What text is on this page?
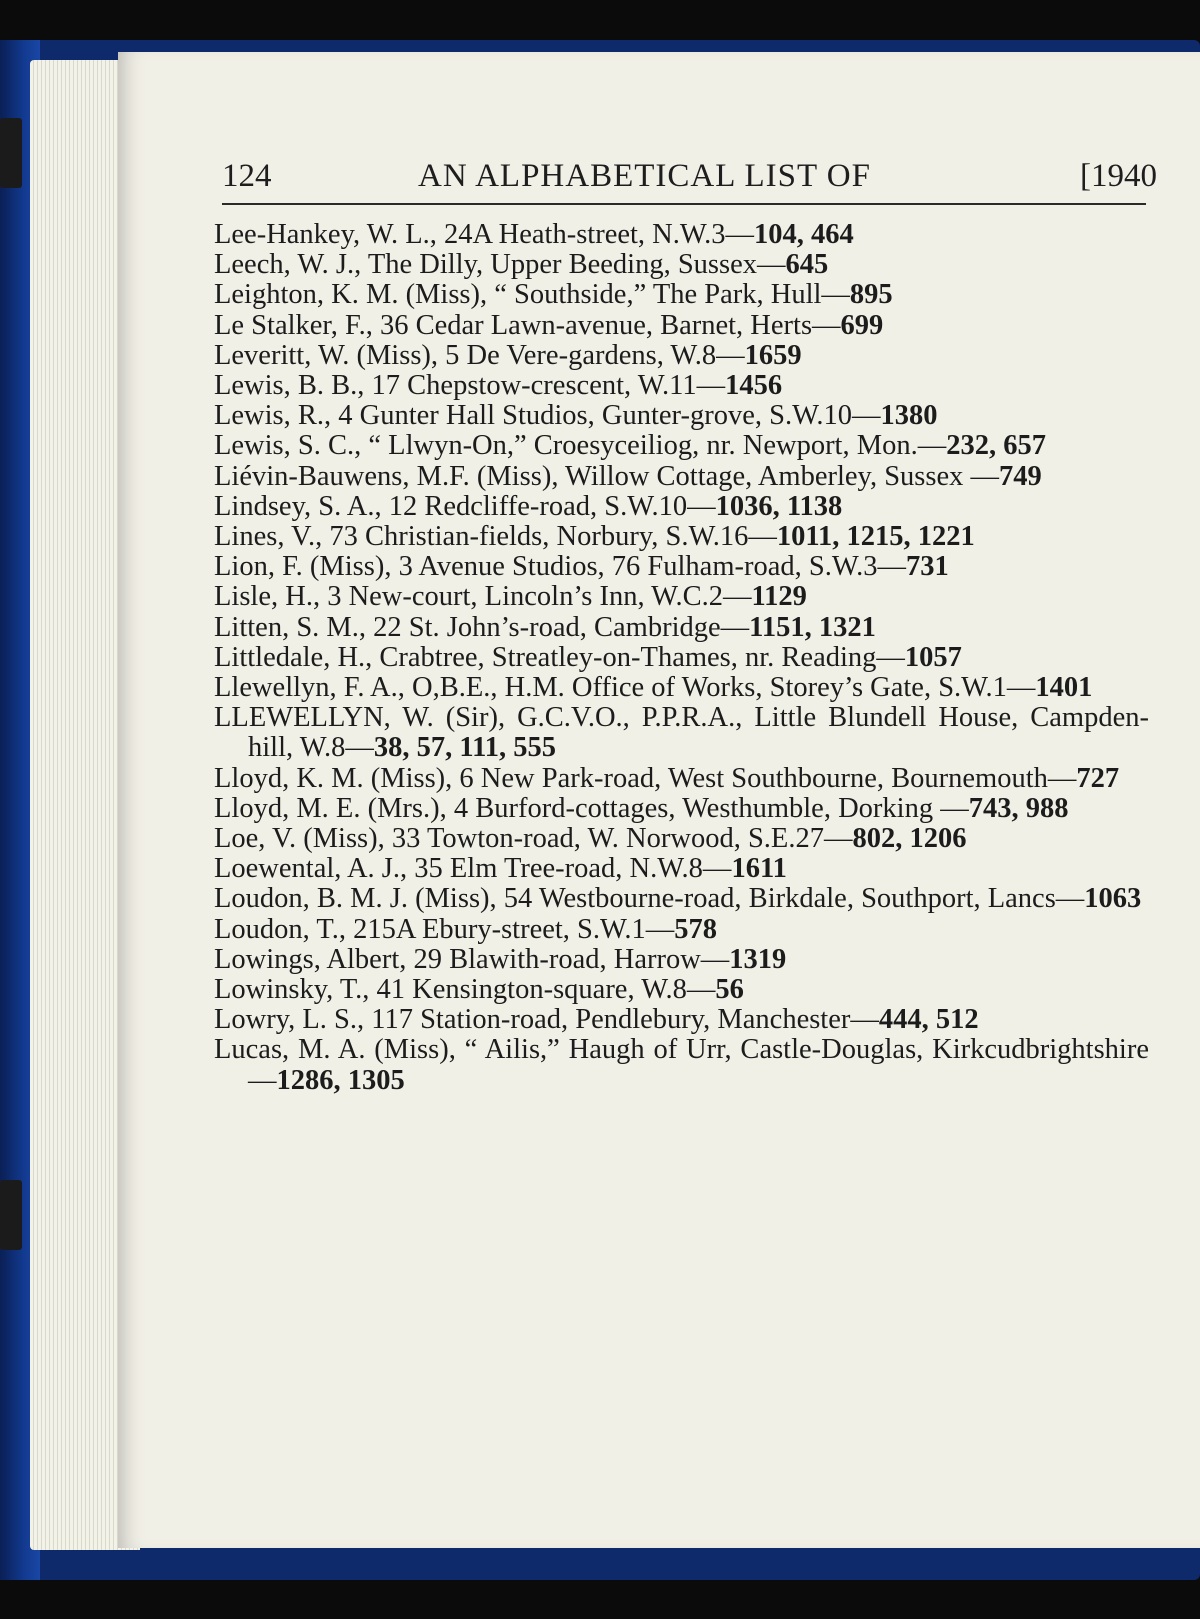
124	AN ALPHABETICAL LIST OF	[1940
Lee-Hankey, W. L., 24A Heath-street, N.W.3—104, 464
Leech, W. J., The Dilly, Upper Beeding, Sussex—645
Leighton, K. M. (Miss), “ Southside,” The Park, Hull—895
Le Stalker, F., 36 Cedar Lawn-avenue, Barnet, Herts—699
Leveritt, W. (Miss), 5 De Vere-gardens, W.8—1659
Lewis, B. B., 17 Chepstow-crescent, W.11—1456
Lewis, R., 4 Gunter Hall Studios, Gunter-grove, S.W.10—1380
Lewis, S. C., “ Llwyn-On,” Croesyceiliog, nr. Newport, Mon.—232, 657
Liévin-Bauwens, M.F. (Miss), Willow Cottage, Amberley, Sussex —749
Lindsey, S. A., 12 Redcliffe-road, S.W.10—1036, 1138
Lines, V., 73 Christian-fields, Norbury, S.W.16—1011, 1215, 1221
Lion, F. (Miss), 3 Avenue Studios, 76 Fulham-road, S.W.3—731
Lisle, H., 3 New-court, Lincoln’s Inn, W.C.2—1129
Litten, S. M., 22 St. John’s-road, Cambridge—1151, 1321
Littledale, H., Crabtree, Streatley-on-Thames, nr. Reading—1057
Llewellyn, F. A., O,B.E., H.M. Office of Works, Storey’s Gate, S.W.1—1401
LLEWELLYN, W. (Sir), G.C.V.O., P.P.R.A., Little Blundell House, Campden-hill, W.8—38, 57, 111, 555
Lloyd, K. M. (Miss), 6 New Park-road, West Southbourne, Bournemouth—727
Lloyd, M. E. (Mrs.), 4 Burford-cottages, Westhumble, Dorking —743, 988
Loe, V. (Miss), 33 Towton-road, W. Norwood, S.E.27—802, 1206
Loewental, A. J., 35 Elm Tree-road, N.W.8—1611
Loudon, B. M. J. (Miss), 54 Westbourne-road, Birkdale, Southport, Lancs—1063
Loudon, T., 215A Ebury-street, S.W.1—578
Lowings, Albert, 29 Blawith-road, Harrow—1319
Lowinsky, T., 41 Kensington-square, W.8—56
Lowry, L. S., 117 Station-road, Pendlebury, Manchester—444, 512
Lucas, M. A. (Miss), “ Ailis,” Haugh of Urr, Castle-Douglas, Kirkcudbrightshire—1286, 1305
